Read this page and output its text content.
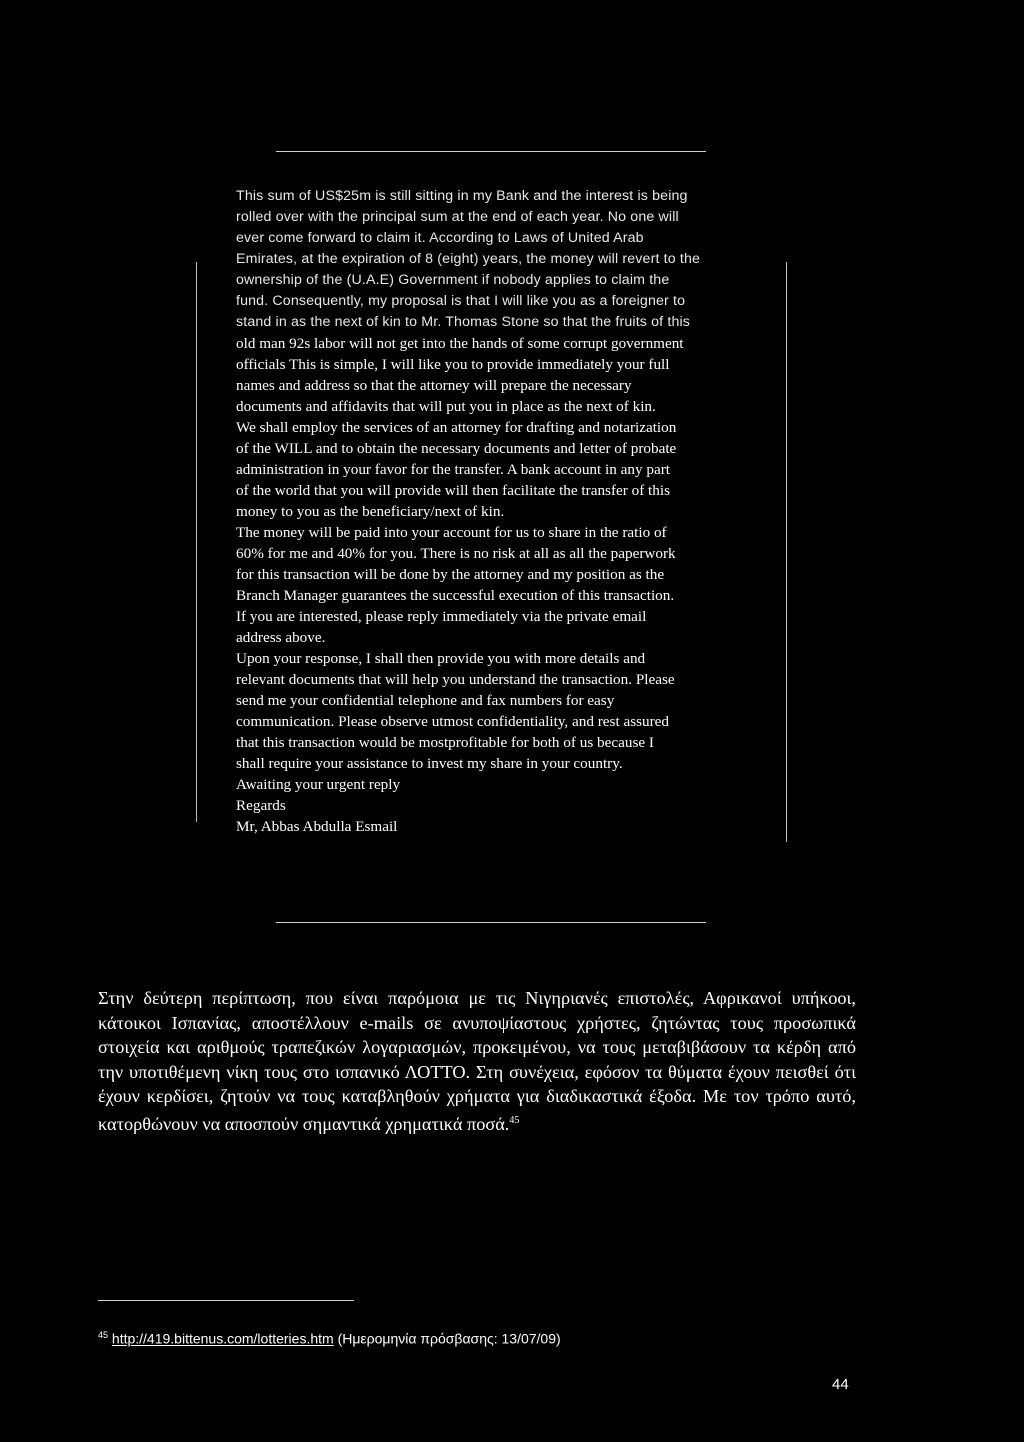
This sum of US$25m is still sitting in my Bank and the interest is being

rolled over with the principal sum at the end of each year. No one will

ever come forward to claim it. According to Laws of United Arab

Emirates, at the expiration of 8 (eight) years, the money will revert to the

ownership of the (U.A.E) Government if nobody applies to claim the

fund. Consequently, my proposal is that I will like you as a foreigner to

stand in as the next of kin to Mr. Thomas Stone so that the fruits of this

old man 92s labor will not get into the hands of some corrupt government

officials This is simple, I will like you to provide immediately your full

names and address so that the attorney will prepare the necessary

documents and affidavits that will put you in place as the next of kin.

We shall employ the services of an attorney for drafting and notarization

of the WILL and to obtain the necessary documents and letter of probate

administration in your favor for the transfer. A bank account in any part

of the world that you will provide will then facilitate the transfer of this

money to you as the beneficiary/next of kin.

The money will be paid into your account for us to share in the ratio of

60% for me and 40% for you. There is no risk at all as all the paperwork

for this transaction will be done by the attorney and my position as the

Branch Manager guarantees the successful execution of this transaction.

If you are interested, please reply immediately via the private email

address above.

Upon your response, I shall then provide you with more details and

relevant documents that will help you understand the transaction. Please

send me your confidential telephone and fax numbers for easy

communication. Please observe utmost confidentiality, and rest assured

that this transaction would be mostprofitable for both of us because I

shall require your assistance to invest my share in your country.

Awaiting your urgent reply

Regards

Mr, Abbas Abdulla Esmail

Στην δεύτερη περίπτωση, που είναι παρόμοια με τις Νιγηριανές επιστολές, Αφρικανοί υπήκοοι, κάτοικοι Ισπανίας, αποστέλλουν e-mails σε ανυποψίαστους χρήστες, ζητώντας τους προσωπικά στοιχεία και αριθμούς τραπεζικών λογαριασμών, προκειμένου, να τους μεταβιβάσουν τα κέρδη από την υποτιθέμενη νίκη τους στο ισπανικό ΛΟΤΤΟ. Στη συνέχεια, εφόσον τα θύματα έχουν πεισθεί ότι έχουν κερδίσει, ζητούν να τους καταβληθούν χρήματα για διαδικαστικά έξοδα. Με τον τρόπο αυτό, κατορθώνουν να αποσπούν σημαντικά χρηματικά ποσά.$^{45}$
$^{45}$ http://419.bittenus.com/lotteries.htm (Ημερομηνία πρόσβασης: 13/07/09)
44
